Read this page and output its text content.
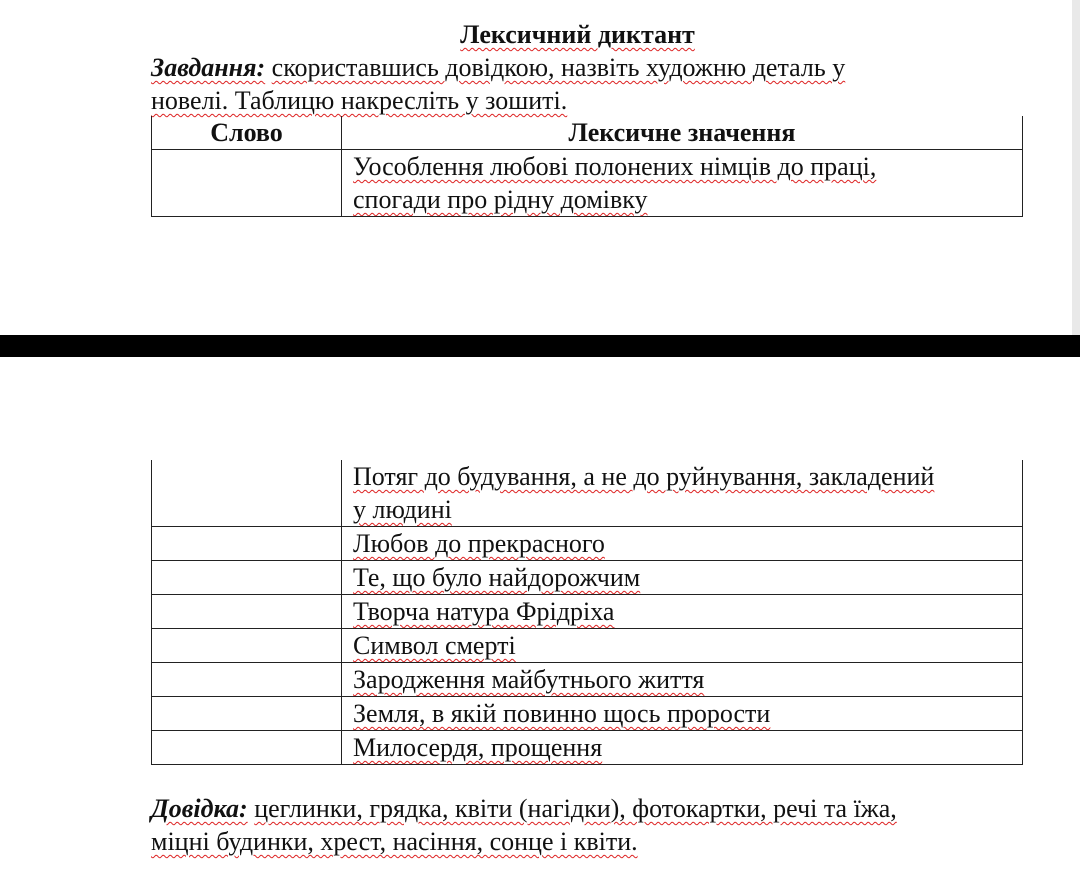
Лексичний диктант
Завдання: скориставшись довідкою, назвіть художню деталь у
новелі. Таблицю накресліть у зошиті.
Слово	Лексичне значення

	Уособлення любові полонених німців до праці,
спогади про рідну домівку

	Потяг до будування, а не до руйнування, закладений
у людині

	Любов до прекрасного
	Те, що було найдорожчим
	Творча натура Фрідріха
	Символ смерті
	Зародження майбутнього життя
	Земля, в якій повинно щось прорости
	Милосердя, прощення
Довідка: цеглинки, грядка, квіти (нагідки), фотокартки, речі та їжа,
міцні будинки, хрест, насіння, сонце і квіти.
